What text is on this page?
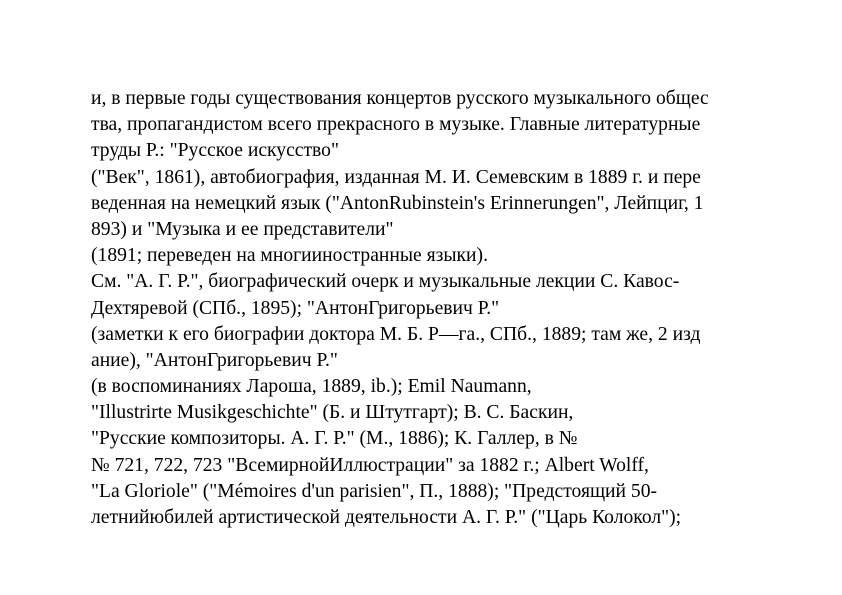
и, в первые годы существования концертов русского музыкального общес
тва, пропагандистом всего прекрасного в музыке. Главные литературные
труды Р.: "Русское искусство"
("Век", 1861), автобиография, изданная М. И. Семевским в 1889 г. и пере
веденная на немецкий язык ("AntonRubinstein's Erinnerungen", Лейпциг, 1
893) и "Музыка и ее представители"
(1891; переведен на многииностранные языки).
См. "А. Г. Р.", биографический очерк и музыкальные лекции С. Кавос-
Дехтяревой (СПб., 1895); "АнтонГригорьевич Р."
(заметки к его биографии доктора М. Б. Р—га., СПб., 1889; там же, 2 изд
ание), "АнтонГригорьевич Р."
(в воспоминаниях Лароша, 1889, ib.); Emil Naumann,
"Illustrirte Musikgeschichte" (Б. и Штутгарт); В. С. Баскин,
"Русские композиторы. А. Г. Р." (М., 1886); К. Галлер, в №
№ 721, 722, 723 "ВсемирнойИллюстрации" за 1882 г.; Albert Wolff,
"La Gloriole" ("Mémoires d'un parisien", П., 1888); "Предстоящий 50-
летнийюбилей артистической деятельности А. Г. Р." ("Царь Колокол");
